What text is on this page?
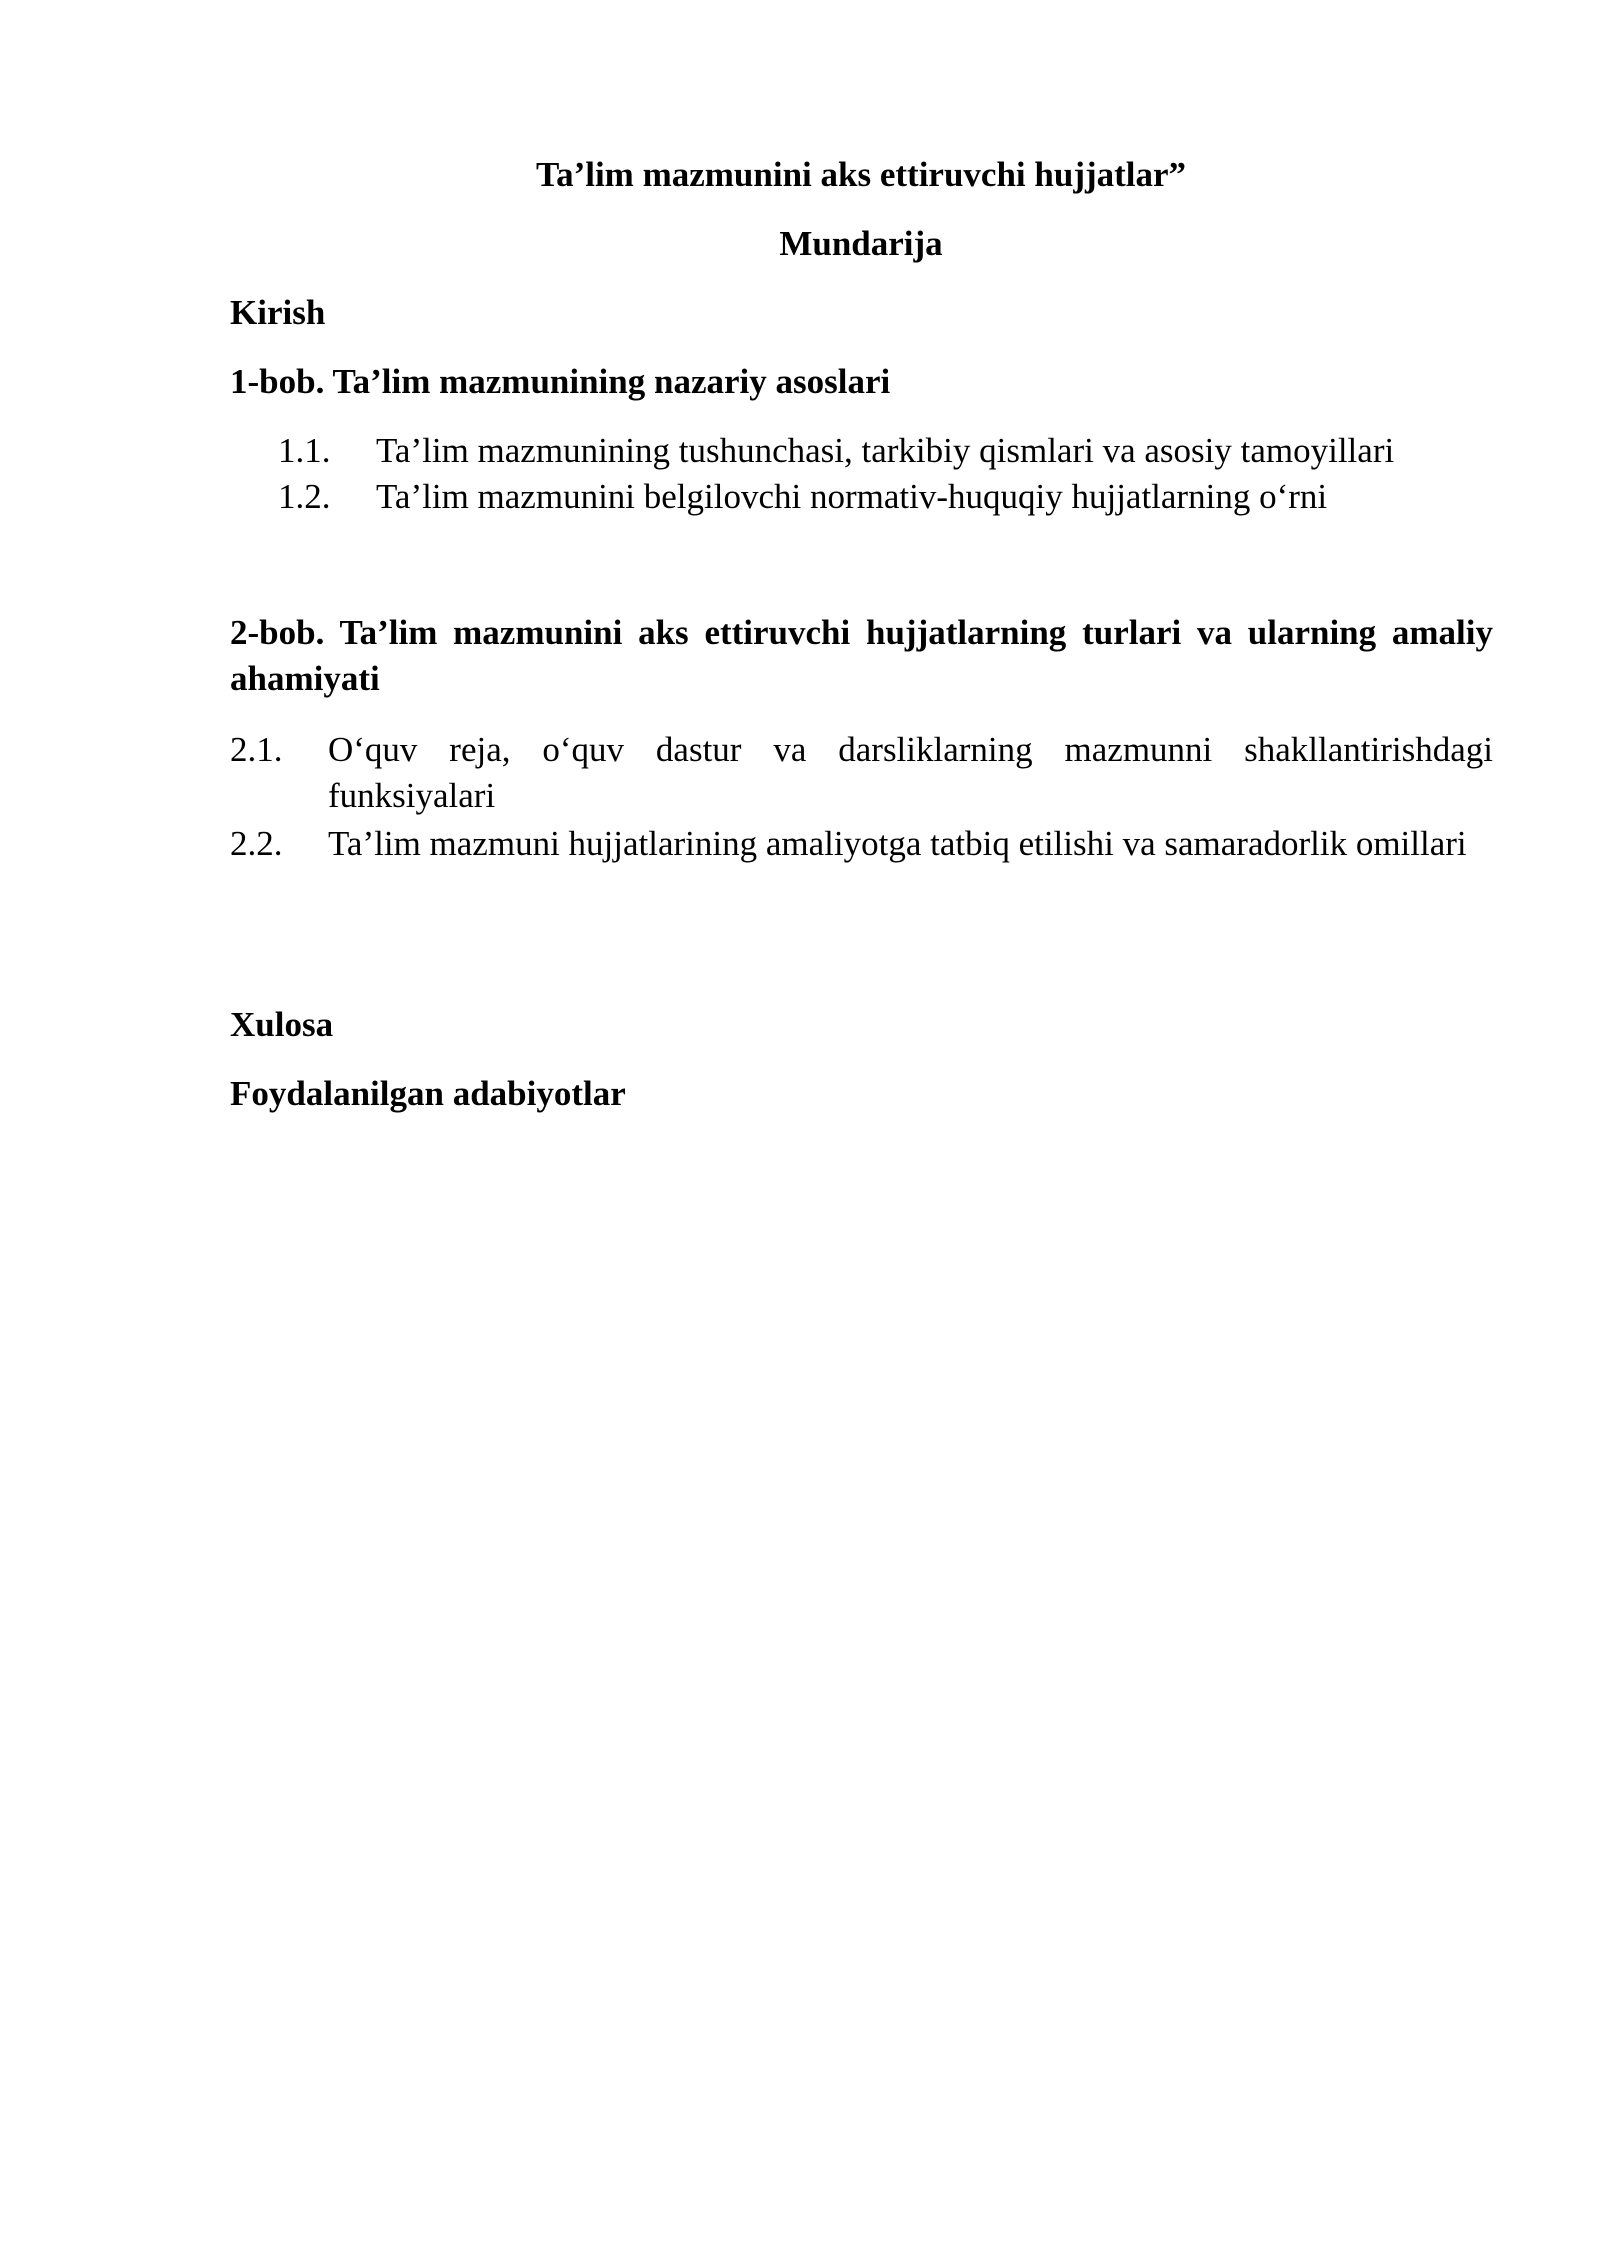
Ta’lim mazmunini aks ettiruvchi hujjatlar”
Mundarija

Kirish

1-bob. Ta’lim mazmunining nazariy asoslari

1.1. Ta’lim mazmunining tushunchasi, tarkibiy qismlari va asosiy tamoyillari
1.2. Ta’lim mazmunini belgilovchi normativ-huquqiy hujjatlarning o‘rni

2-bob. Ta’lim mazmunini aks ettiruvchi hujjatlarning turlari va ularning amaliy ahamiyati

2.1. O‘quv reja, o‘quv dastur va darsliklarning mazmunni shakllantirishdagi funksiyalari
2.2. Ta’lim mazmuni hujjatlarining amaliyotga tatbiq etilishi va samaradorlik omillari

Xulosa

Foydalanilgan adabiyotlar
